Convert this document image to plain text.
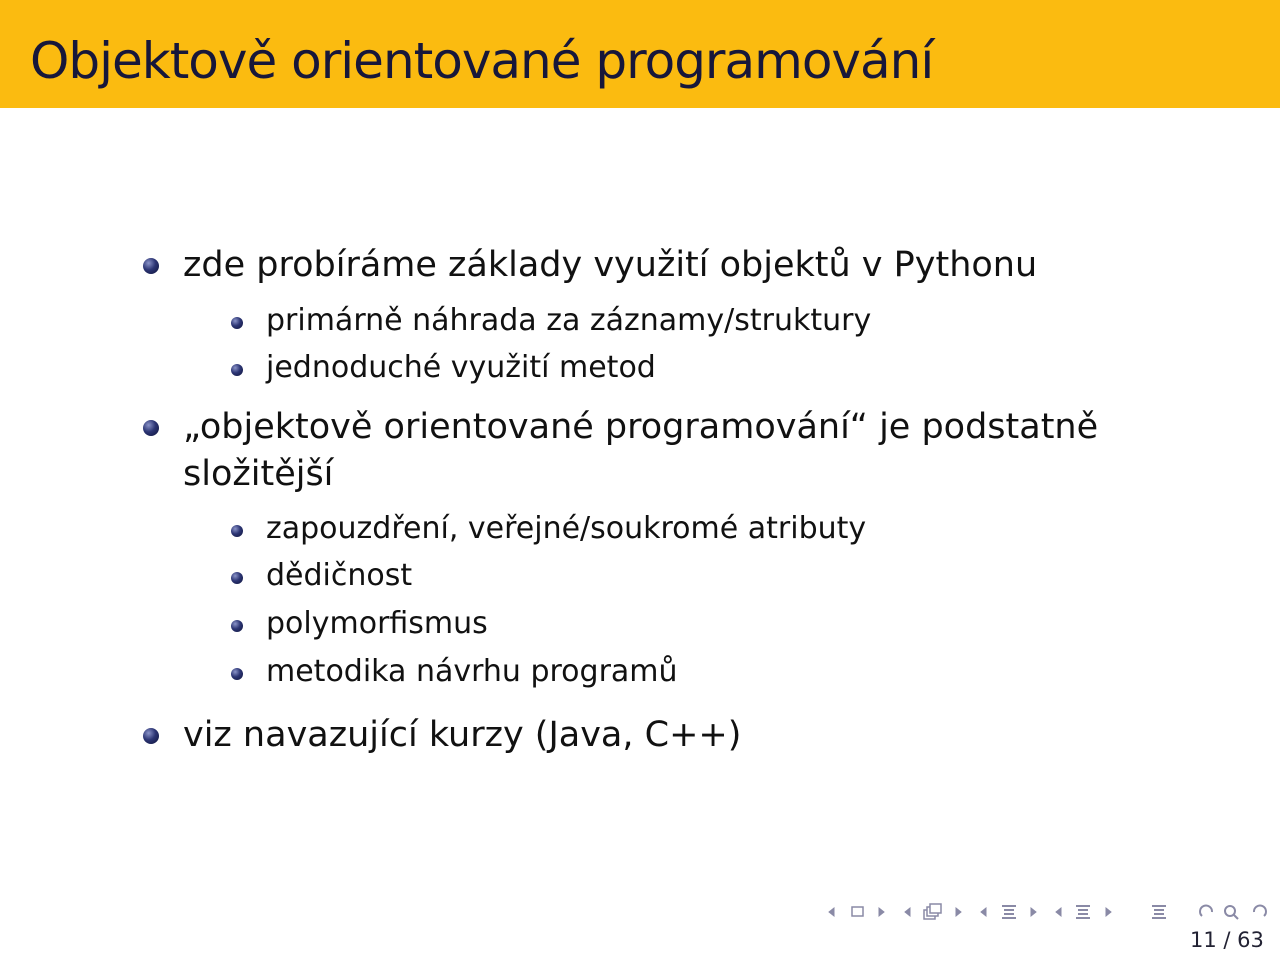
Objektově orientované programování
zde probíráme základy využití objektů v Pythonu
primárně náhrada za záznamy/struktury
jednoduché využití metod
„objektově orientované programování“ je podstatně
složitější
zapouzdření, veřejné/soukromé atributy
dědičnost
polymorfismus
metodika návrhu programů
viz navazující kurzy (Java, C++)
11 / 63
